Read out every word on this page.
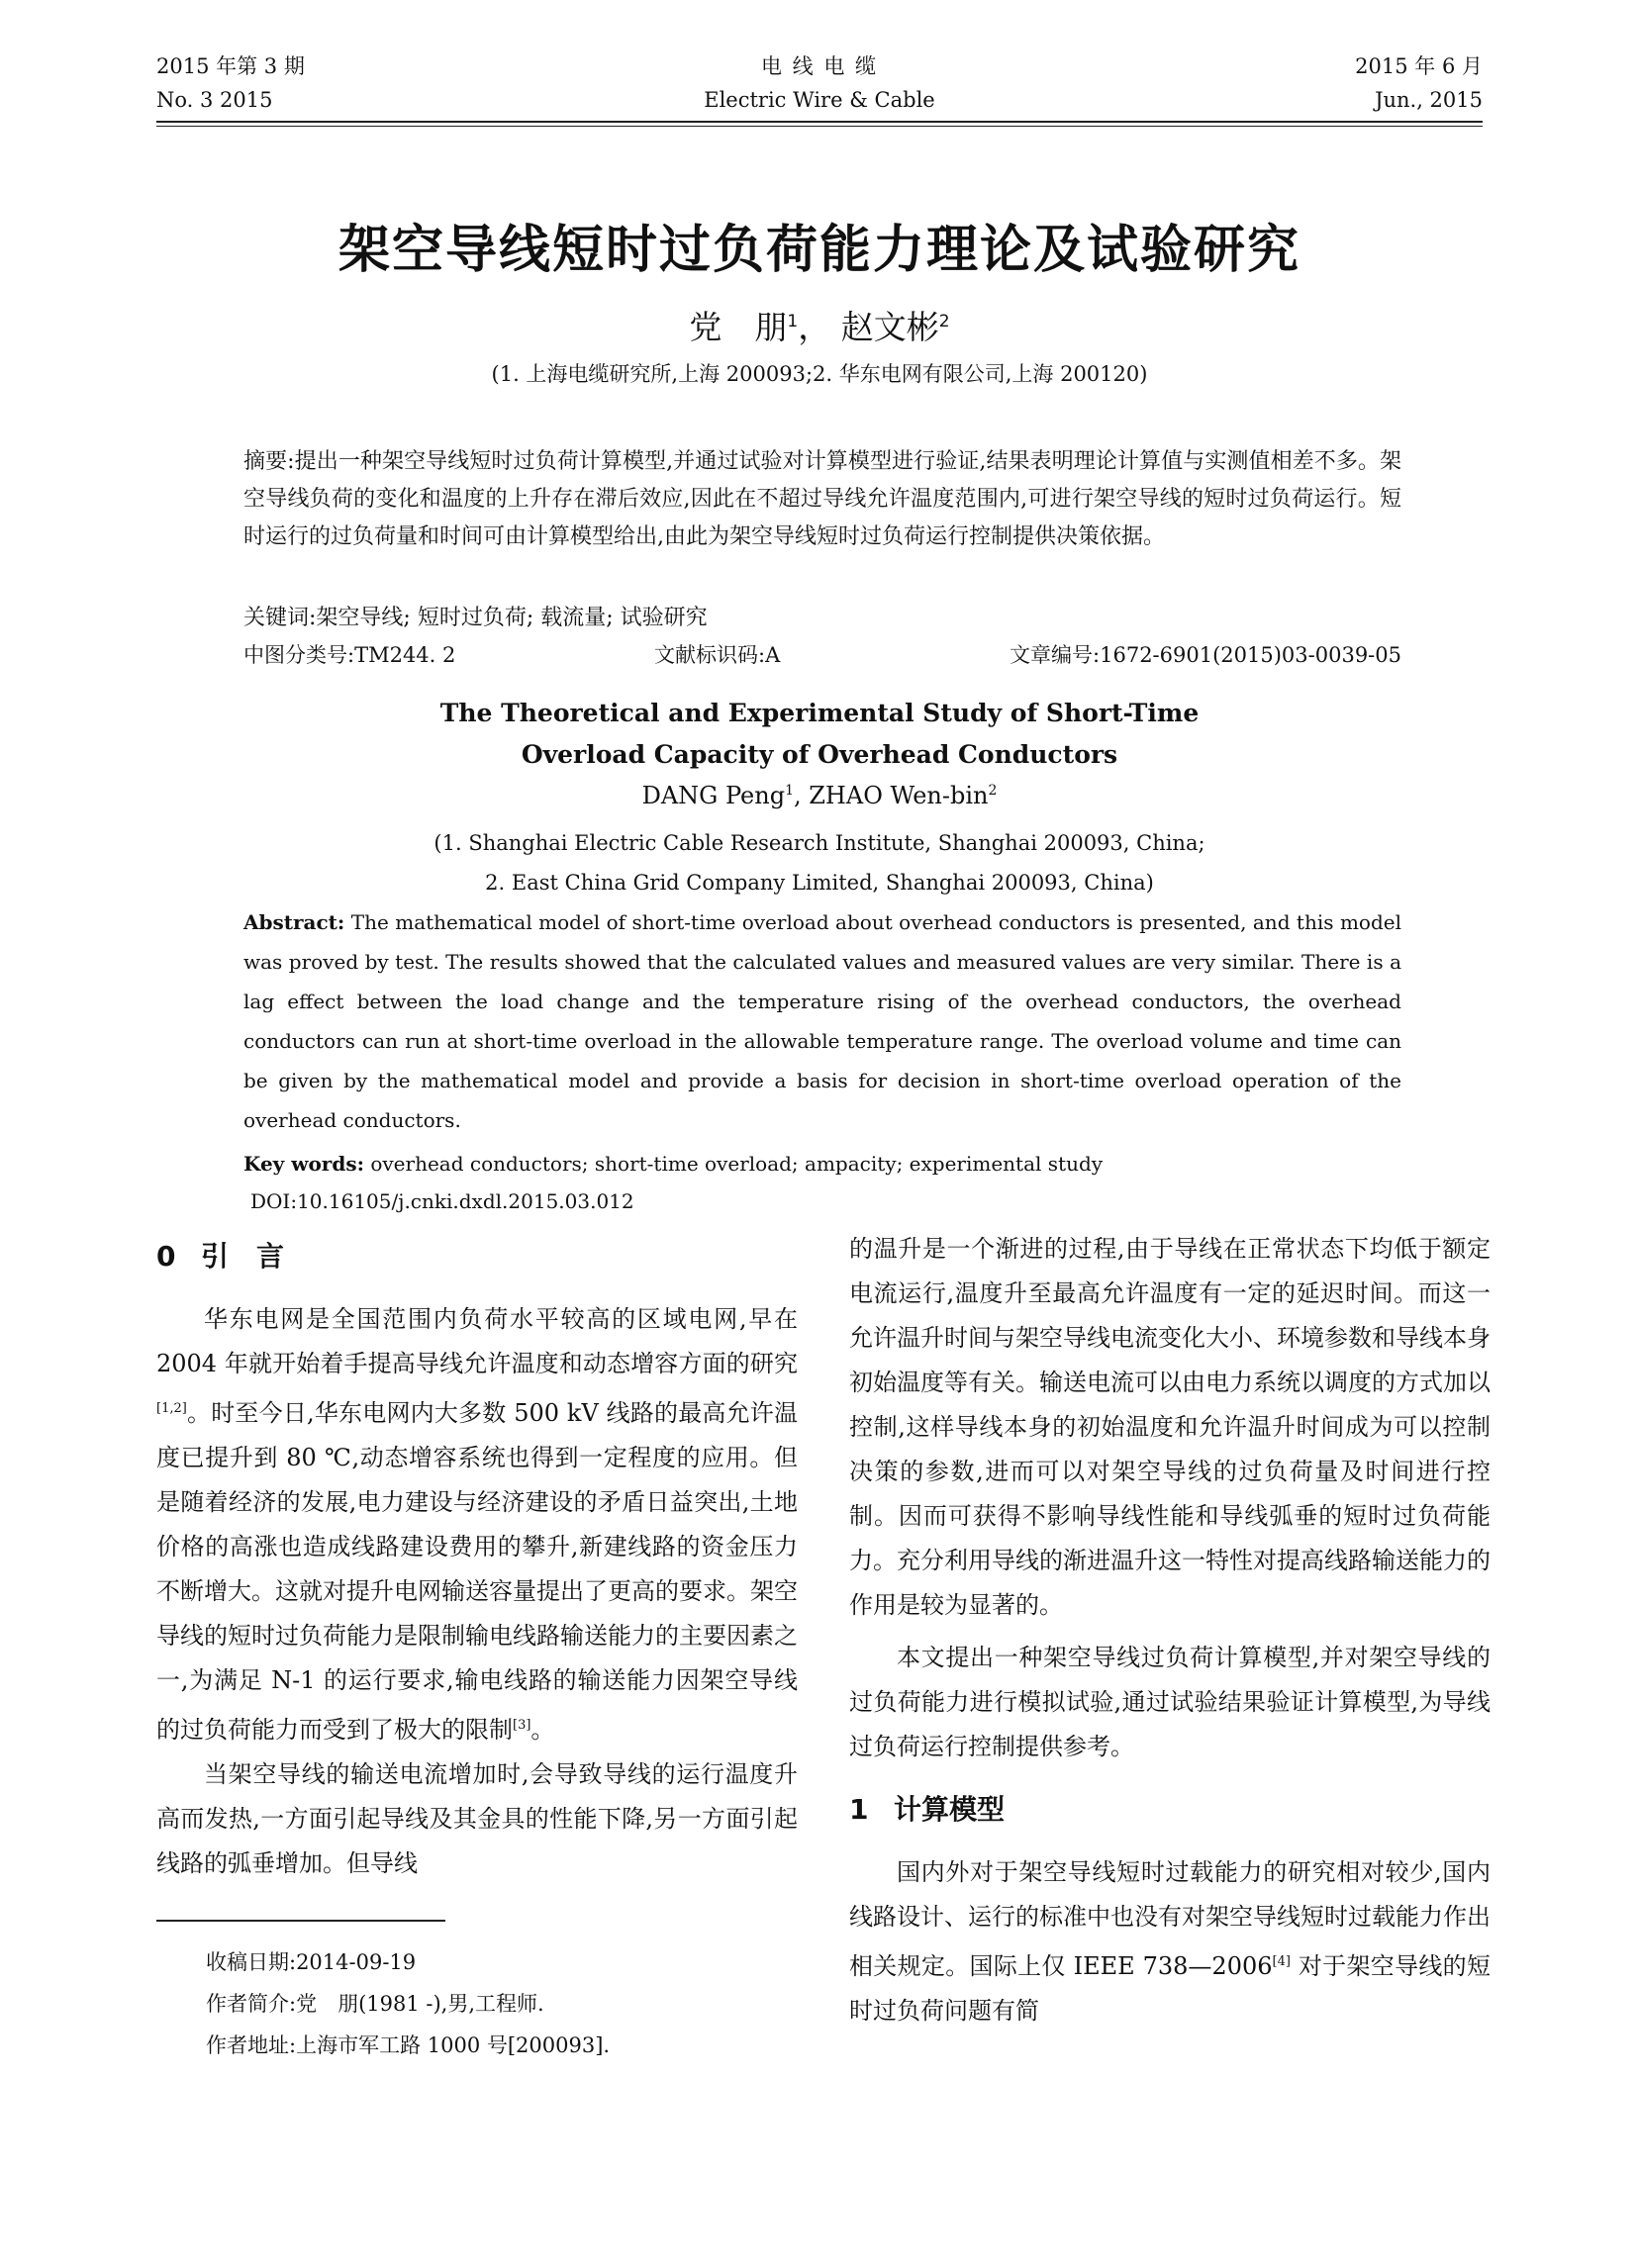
2015 年第 3 期
No. 3 2015
电 线 电 缆
Electric Wire & Cable
2015 年 6 月
Jun., 2015
架空导线短时过负荷能力理论及试验研究
党　朋$^1$， 赵文彬$^2$
(1. 上海电缆研究所,上海 200093;2. 华东电网有限公司,上海 200120)
摘要:提出一种架空导线短时过负荷计算模型,并通过试验对计算模型进行验证,结果表明理论计算值与实测值相差不多。架空导线负荷的变化和温度的上升存在滞后效应,因此在不超过导线允许温度范围内,可进行架空导线的短时过负荷运行。短时运行的过负荷量和时间可由计算模型给出,由此为架空导线短时过负荷运行控制提供决策依据。
关键词:架空导线; 短时过负荷; 载流量; 试验研究
中图分类号:TM244. 2	文献标识码:A	文章编号:1672-6901(2015)03-0039-05
The Theoretical and Experimental Study of Short-Time
Overload Capacity of Overhead Conductors
DANG Peng$^1$, ZHAO Wen-bin$^2$
(1. Shanghai Electric Cable Research Institute, Shanghai 200093, China;
2. East China Grid Company Limited, Shanghai 200093, China)
Abstract: The mathematical model of short-time overload about overhead conductors is presented, and this model was proved by test. The results showed that the calculated values and measured values are very similar. There is a lag effect between the load change and the temperature rising of the overhead conductors, the overhead conductors can run at short-time overload in the allowable temperature range. The overload volume and time can be given by the mathematical model and provide a basis for decision in short-time overload operation of the overhead conductors.
Key words: overhead conductors; short-time overload; ampacity; experimental study
DOI:10.16105/j.cnki.dxdl.2015.03.012
0 引　言

华东电网是全国范围内负荷水平较高的区域电网,早在 2004 年就开始着手提高导线允许温度和动态增容方面的研究[1,2]。时至今日,华东电网内大多数 500 kV 线路的最高允许温度已提升到 80 ℃,动态增容系统也得到一定程度的应用。但是随着经济的发展,电力建设与经济建设的矛盾日益突出,土地价格的高涨也造成线路建设费用的攀升,新建线路的资金压力不断增大。这就对提升电网输送容量提出了更高的要求。架空导线的短时过负荷能力是限制输电线路输送能力的主要因素之一,为满足 N-1 的运行要求,输电线路的输送能力因架空导线的过负荷能力而受到了极大的限制[3]。

当架空导线的输送电流增加时,会导致导线的运行温度升高而发热,一方面引起导线及其金具的性能下降,另一方面引起线路的弧垂增加。但导线

的温升是一个渐进的过程,由于导线在正常状态下均低于额定电流运行,温度升至最高允许温度有一定的延迟时间。而这一允许温升时间与架空导线电流变化大小、环境参数和导线本身初始温度等有关。输送电流可以由电力系统以调度的方式加以控制,这样导线本身的初始温度和允许温升时间成为可以控制决策的参数,进而可以对架空导线的过负荷量及时间进行控制。因而可获得不影响导线性能和导线弧垂的短时过负荷能力。充分利用导线的渐进温升这一特性对提高线路输送能力的作用是较为显著的。

本文提出一种架空导线过负荷计算模型,并对架空导线的过负荷能力进行模拟试验,通过试验结果验证计算模型,为导线过负荷运行控制提供参考。

1 计算模型

国内外对于架空导线短时过载能力的研究相对较少,国内线路设计、运行的标准中也没有对架空导线短时过载能力作出相关规定。国际上仅 IEEE 738—2006[4] 对于架空导线的短时过负荷问题有简

收稿日期:2014-09-19
作者简介:党　朋(1981 -),男,工程师.
作者地址:上海市军工路 1000 号[200093].
